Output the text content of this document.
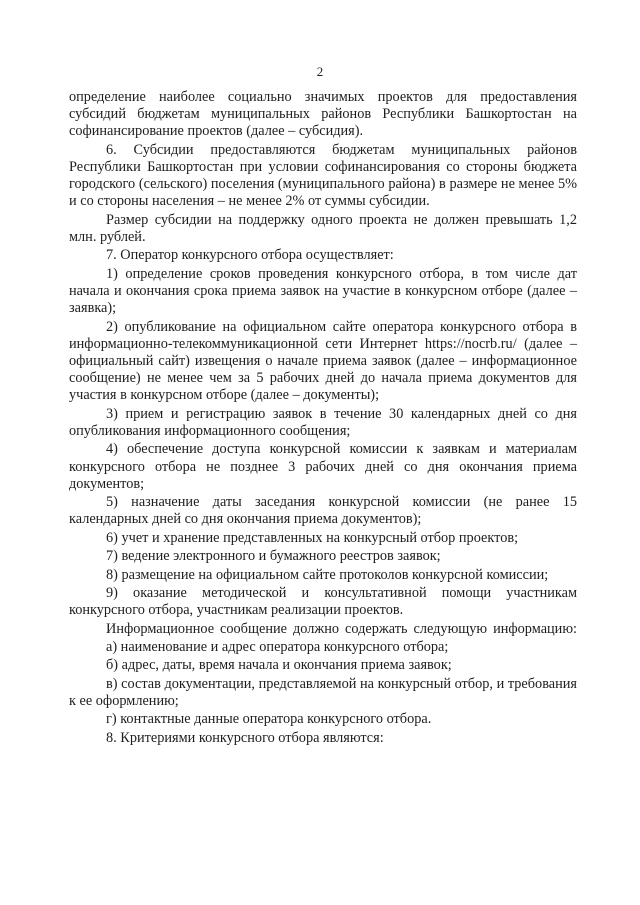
2

определение наиболее социально значимых проектов для предоставления субсидий бюджетам муниципальных районов Республики Башкортостан на софинансирование проектов (далее – субсидия).

6. Субсидии предоставляются бюджетам муниципальных районов Республики Башкортостан при условии софинансирования со стороны бюджета городского (сельского) поселения (муниципального района) в размере не менее 5% и со стороны населения – не менее 2% от суммы субсидии.

Размер субсидии на поддержку одного проекта не должен превышать 1,2 млн. рублей.

7. Оператор конкурсного отбора осуществляет:

1) определение сроков проведения конкурсного отбора, в том числе дат начала и окончания срока приема заявок на участие в конкурсном отборе (далее – заявка);

2) опубликование на официальном сайте оператора конкурсного отбора в информационно-телекоммуникационной сети Интернет https://nocrb.ru/ (далее – официальный сайт) извещения о начале приема заявок (далее – информационное сообщение) не менее чем за 5 рабочих дней до начала приема документов для участия в конкурсном отборе (далее – документы);

3) прием и регистрацию заявок в течение 30 календарных дней со дня опубликования информационного сообщения;

4) обеспечение доступа конкурсной комиссии к заявкам и материалам конкурсного отбора не позднее 3 рабочих дней со дня окончания приема документов;

5) назначение даты заседания конкурсной комиссии (не ранее 15 календарных дней со дня окончания приема документов);

6) учет и хранение представленных на конкурсный отбор проектов;

7) ведение электронного и бумажного реестров заявок;

8) размещение на официальном сайте протоколов конкурсной комиссии;

9) оказание методической и консультативной помощи участникам конкурсного отбора, участникам реализации проектов.

Информационное сообщение должно содержать следующую информацию:

а) наименование и адрес оператора конкурсного отбора;

б) адрес, даты, время начала и окончания приема заявок;

в) состав документации, представляемой на конкурсный отбор, и требования к ее оформлению;

г) контактные данные оператора конкурсного отбора.

8. Критериями конкурсного отбора являются:
